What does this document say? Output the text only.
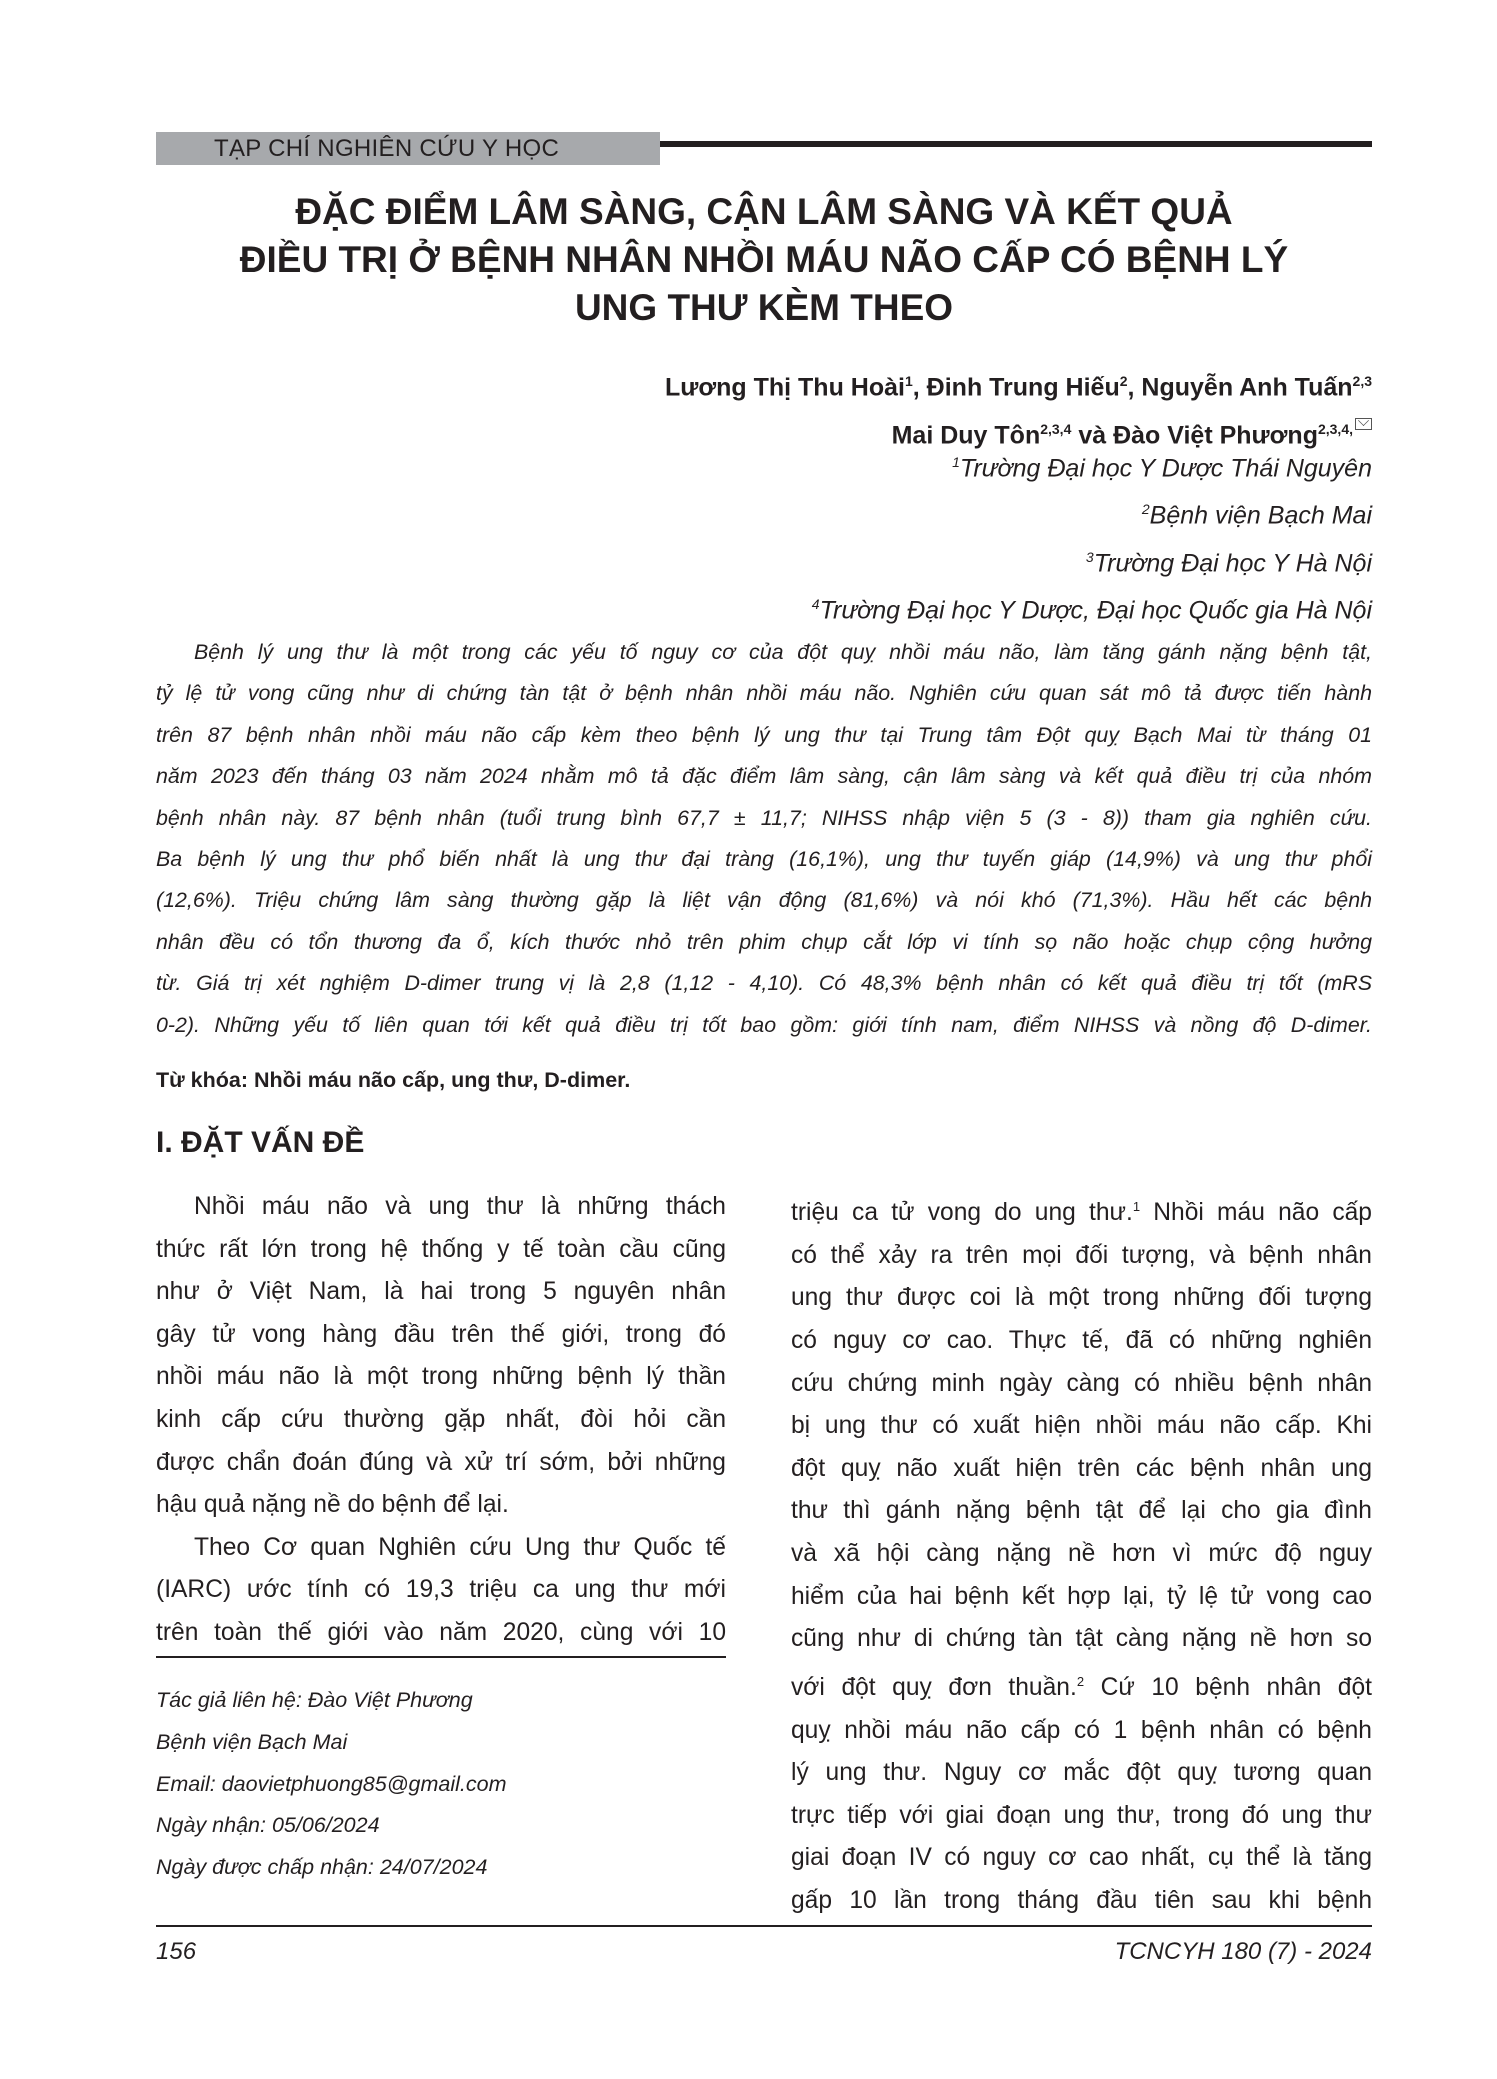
TẠP CHÍ NGHIÊN CỨU Y HỌC
ĐẶC ĐIỂM LÂM SÀNG, CẬN LÂM SÀNG VÀ KẾT QUẢ
ĐIỀU TRỊ Ở BỆNH NHÂN NHỒI MÁU NÃO CẤP CÓ BỆNH LÝ
UNG THƯ KÈM THEO
Lương Thị Thu Hoài$^1$, Đinh Trung Hiếu$^2$, Nguyễn Anh Tuấn$^{2,3}$
Mai Duy Tôn$^{2,3,4}$ và Đào Việt Phương$^{2,3,4,}$
$^1$Trường Đại học Y Dược Thái Nguyên
$^2$Bệnh viện Bạch Mai
$^3$Trường Đại học Y Hà Nội
$^4$Trường Đại học Y Dược, Đại học Quốc gia Hà Nội
Bệnh lý ung thư là một trong các yếu tố nguy cơ của đột quỵ nhồi máu não, làm tăng gánh nặng bệnh tật,
tỷ lệ tử vong cũng như di chứng tàn tật ở bệnh nhân nhồi máu não. Nghiên cứu quan sát mô tả được tiến hành
trên 87 bệnh nhân nhồi máu não cấp kèm theo bệnh lý ung thư tại Trung tâm Đột quỵ Bạch Mai từ tháng 01
năm 2023 đến tháng 03 năm 2024 nhằm mô tả đặc điểm lâm sàng, cận lâm sàng và kết quả điều trị của nhóm
bệnh nhân này. 87 bệnh nhân (tuổi trung bình 67,7 ± 11,7; NIHSS nhập viện 5 (3 - 8)) tham gia nghiên cứu.
Ba bệnh lý ung thư phổ biến nhất là ung thư đại tràng (16,1%), ung thư tuyến giáp (14,9%) và ung thư phổi
(12,6%). Triệu chứng lâm sàng thường gặp là liệt vận động (81,6%) và nói khó (71,3%). Hầu hết các bệnh
nhân đều có tổn thương đa ổ, kích thước nhỏ trên phim chụp cắt lớp vi tính sọ não hoặc chụp cộng hưởng
từ. Giá trị xét nghiệm D-dimer trung vị là 2,8 (1,12 - 4,10). Có 48,3% bệnh nhân có kết quả điều trị tốt (mRS
0-2). Những yếu tố liên quan tới kết quả điều trị tốt bao gồm: giới tính nam, điểm NIHSS và nồng độ D-dimer.
Từ khóa: Nhồi máu não cấp, ung thư, D-dimer.
I. ĐẶT VẤN ĐỀ
Nhồi máu não và ung thư là những thách
thức rất lớn trong hệ thống y tế toàn cầu cũng
như ở Việt Nam, là hai trong 5 nguyên nhân
gây tử vong hàng đầu trên thế giới, trong đó
nhồi máu não là một trong những bệnh lý thần
kinh cấp cứu thường gặp nhất, đòi hỏi cần
được chẩn đoán đúng và xử trí sớm, bởi những
hậu quả nặng nề do bệnh để lại.
Theo Cơ quan Nghiên cứu Ung thư Quốc tế
(IARC) ước tính có 19,3 triệu ca ung thư mới
trên toàn thế giới vào năm 2020, cùng với 10
Tác giả liên hệ: Đào Việt Phương
Bệnh viện Bạch Mai
Email: daovietphuong85@gmail.com
Ngày nhận: 05/06/2024
Ngày được chấp nhận: 24/07/2024
triệu ca tử vong do ung thư.$^1$ Nhồi máu não cấp
có thể xảy ra trên mọi đối tượng, và bệnh nhân
ung thư được coi là một trong những đối tượng
có nguy cơ cao. Thực tế, đã có những nghiên
cứu chứng minh ngày càng có nhiều bệnh nhân
bị ung thư có xuất hiện nhồi máu não cấp. Khi
đột quỵ não xuất hiện trên các bệnh nhân ung
thư thì gánh nặng bệnh tật để lại cho gia đình
và xã hội càng nặng nề hơn vì mức độ nguy
hiểm của hai bệnh kết hợp lại, tỷ lệ tử vong cao
cũng như di chứng tàn tật càng nặng nề hơn so
với đột quỵ đơn thuần.$^2$ Cứ 10 bệnh nhân đột
quỵ nhồi máu não cấp có 1 bệnh nhân có bệnh
lý ung thư. Nguy cơ mắc đột quỵ tương quan
trực tiếp với giai đoạn ung thư, trong đó ung thư
giai đoạn IV có nguy cơ cao nhất, cụ thể là tăng
gấp 10 lần trong tháng đầu tiên sau khi bệnh
156	TCNCYH 180 (7) - 2024
